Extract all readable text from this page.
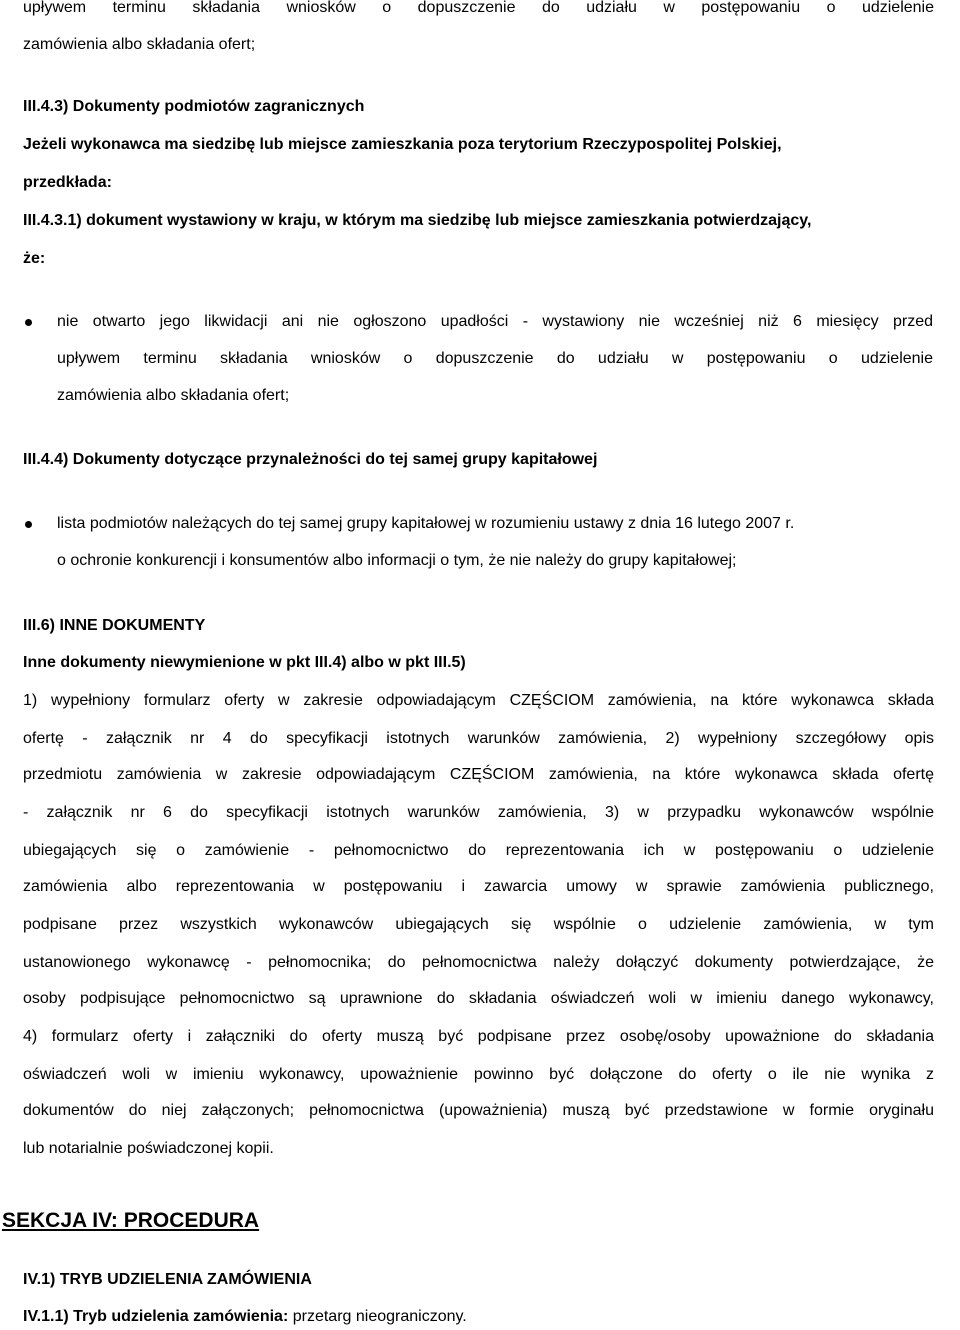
upływem terminu składania wniosków o dopuszczenie do udziału w postępowaniu o udzielenie
zamówienia albo składania ofert;
III.4.3) Dokumenty podmiotów zagranicznych
Jeżeli wykonawca ma siedzibę lub miejsce zamieszkania poza terytorium Rzeczypospolitej Polskiej,
przedkłada:
III.4.3.1) dokument wystawiony w kraju, w którym ma siedzibę lub miejsce zamieszkania potwierdzający,
że:
nie otwarto jego likwidacji ani nie ogłoszono upadłości - wystawiony nie wcześniej niż 6 miesięcy przed
upływem terminu składania wniosków o dopuszczenie do udziału w postępowaniu o udzielenie
zamówienia albo składania ofert;
III.4.4) Dokumenty dotyczące przynależności do tej samej grupy kapitałowej
lista podmiotów należących do tej samej grupy kapitałowej w rozumieniu ustawy z dnia 16 lutego 2007 r.
o ochronie konkurencji i konsumentów albo informacji o tym, że nie należy do grupy kapitałowej;
III.6) INNE DOKUMENTY
Inne dokumenty niewymienione w pkt III.4) albo w pkt III.5)
1) wypełniony formularz oferty w zakresie odpowiadającym CZĘŚCIOM zamówienia, na które wykonawca składa
ofertę - załącznik nr 4 do specyfikacji istotnych warunków zamówienia, 2) wypełniony szczegółowy opis
przedmiotu zamówienia w zakresie odpowiadającym CZĘŚCIOM zamówienia, na które wykonawca składa ofertę
- załącznik nr 6 do specyfikacji istotnych warunków zamówienia, 3) w przypadku wykonawców wspólnie
ubiegających się o zamówienie - pełnomocnictwo do reprezentowania ich w postępowaniu o udzielenie
zamówienia albo reprezentowania w postępowaniu i zawarcia umowy w sprawie zamówienia publicznego,
podpisane przez wszystkich wykonawców ubiegających się wspólnie o udzielenie zamówienia, w tym
ustanowionego wykonawcę - pełnomocnika; do pełnomocnictwa należy dołączyć dokumenty potwierdzające, że
osoby podpisujące pełnomocnictwo są uprawnione do składania oświadczeń woli w imieniu danego wykonawcy,
4) formularz oferty i załączniki do oferty muszą być podpisane przez osobę/osoby upoważnione do składania
oświadczeń woli w imieniu wykonawcy, upoważnienie powinno być dołączone do oferty o ile nie wynika z
dokumentów do niej załączonych; pełnomocnictwa (upoważnienia) muszą być przedstawione w formie oryginału
lub notarialnie poświadczonej kopii.
SEKCJA IV: PROCEDURA
IV.1) TRYB UDZIELENIA ZAMÓWIENIA
IV.1.1) Tryb udzielenia zamówienia: przetarg nieograniczony.
